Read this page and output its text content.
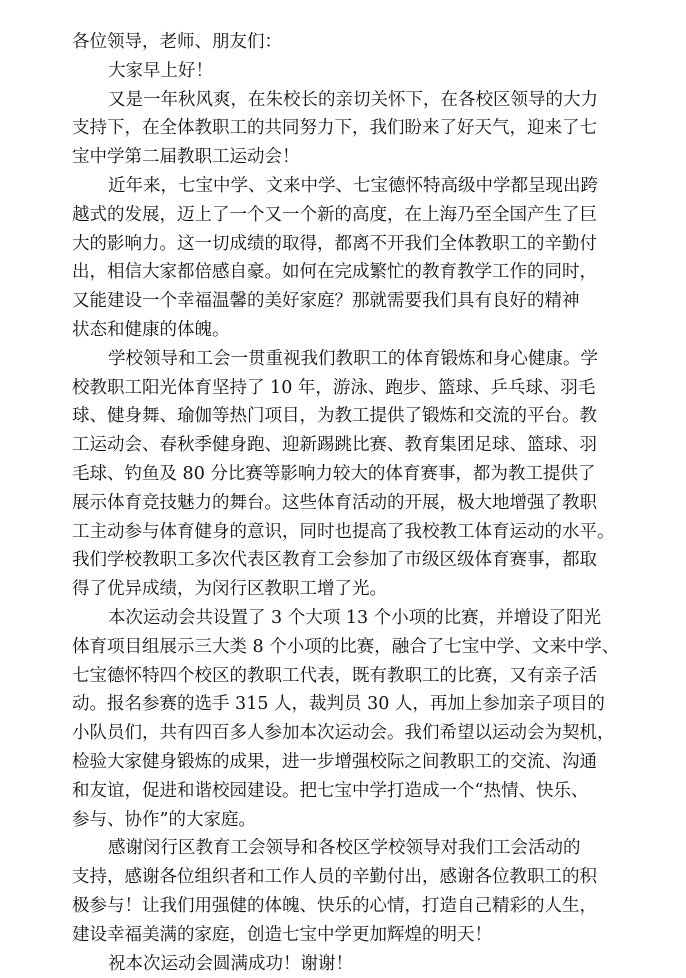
各位领导，老师、朋友们：
大家早上好！
又是一年秋风爽，在朱校长的亲切关怀下，在各校区领导的大力
支持下，在全体教职工的共同努力下，我们盼来了好天气，迎来了七
宝中学第二届教职工运动会！
近年来，七宝中学、文来中学、七宝德怀特高级中学都呈现出跨
越式的发展，迈上了一个又一个新的高度，在上海乃至全国产生了巨
大的影响力。这一切成绩的取得，都离不开我们全体教职工的辛勤付
出，相信大家都倍感自豪。如何在完成繁忙的教育教学工作的同时，
又能建设一个幸福温馨的美好家庭？那就需要我们具有良好的精神
状态和健康的体魄。
学校领导和工会一贯重视我们教职工的体育锻炼和身心健康。学
校教职工阳光体育坚持了 10 年，游泳、跑步、篮球、乒乓球、羽毛
球、健身舞、瑜伽等热门项目，为教工提供了锻炼和交流的平台。教
工运动会、春秋季健身跑、迎新踢跳比赛、教育集团足球、篮球、羽
毛球、钓鱼及 80 分比赛等影响力较大的体育赛事，都为教工提供了
展示体育竞技魅力的舞台。这些体育活动的开展，极大地增强了教职
工主动参与体育健身的意识，同时也提高了我校教工体育运动的水平。
我们学校教职工多次代表区教育工会参加了市级区级体育赛事，都取
得了优异成绩，为闵行区教职工增了光。
本次运动会共设置了 3 个大项 13 个小项的比赛，并增设了阳光
体育项目组展示三大类 8 个小项的比赛，融合了七宝中学、文来中学、
七宝德怀特四个校区的教职工代表，既有教职工的比赛，又有亲子活
动。报名参赛的选手 315 人，裁判员 30 人，再加上参加亲子项目的
小队员们，共有四百多人参加本次运动会。我们希望以运动会为契机，
检验大家健身锻炼的成果，进一步增强校际之间教职工的交流、沟通
和友谊，促进和谐校园建设。把七宝中学打造成一个“热情、快乐、
参与、协作”的大家庭。
感谢闵行区教育工会领导和各校区学校领导对我们工会活动的
支持，感谢各位组织者和工作人员的辛勤付出，感谢各位教职工的积
极参与！让我们用强健的体魄、快乐的心情，打造自己精彩的人生，
建设幸福美满的家庭，创造七宝中学更加辉煌的明天！
祝本次运动会圆满成功！谢谢！
